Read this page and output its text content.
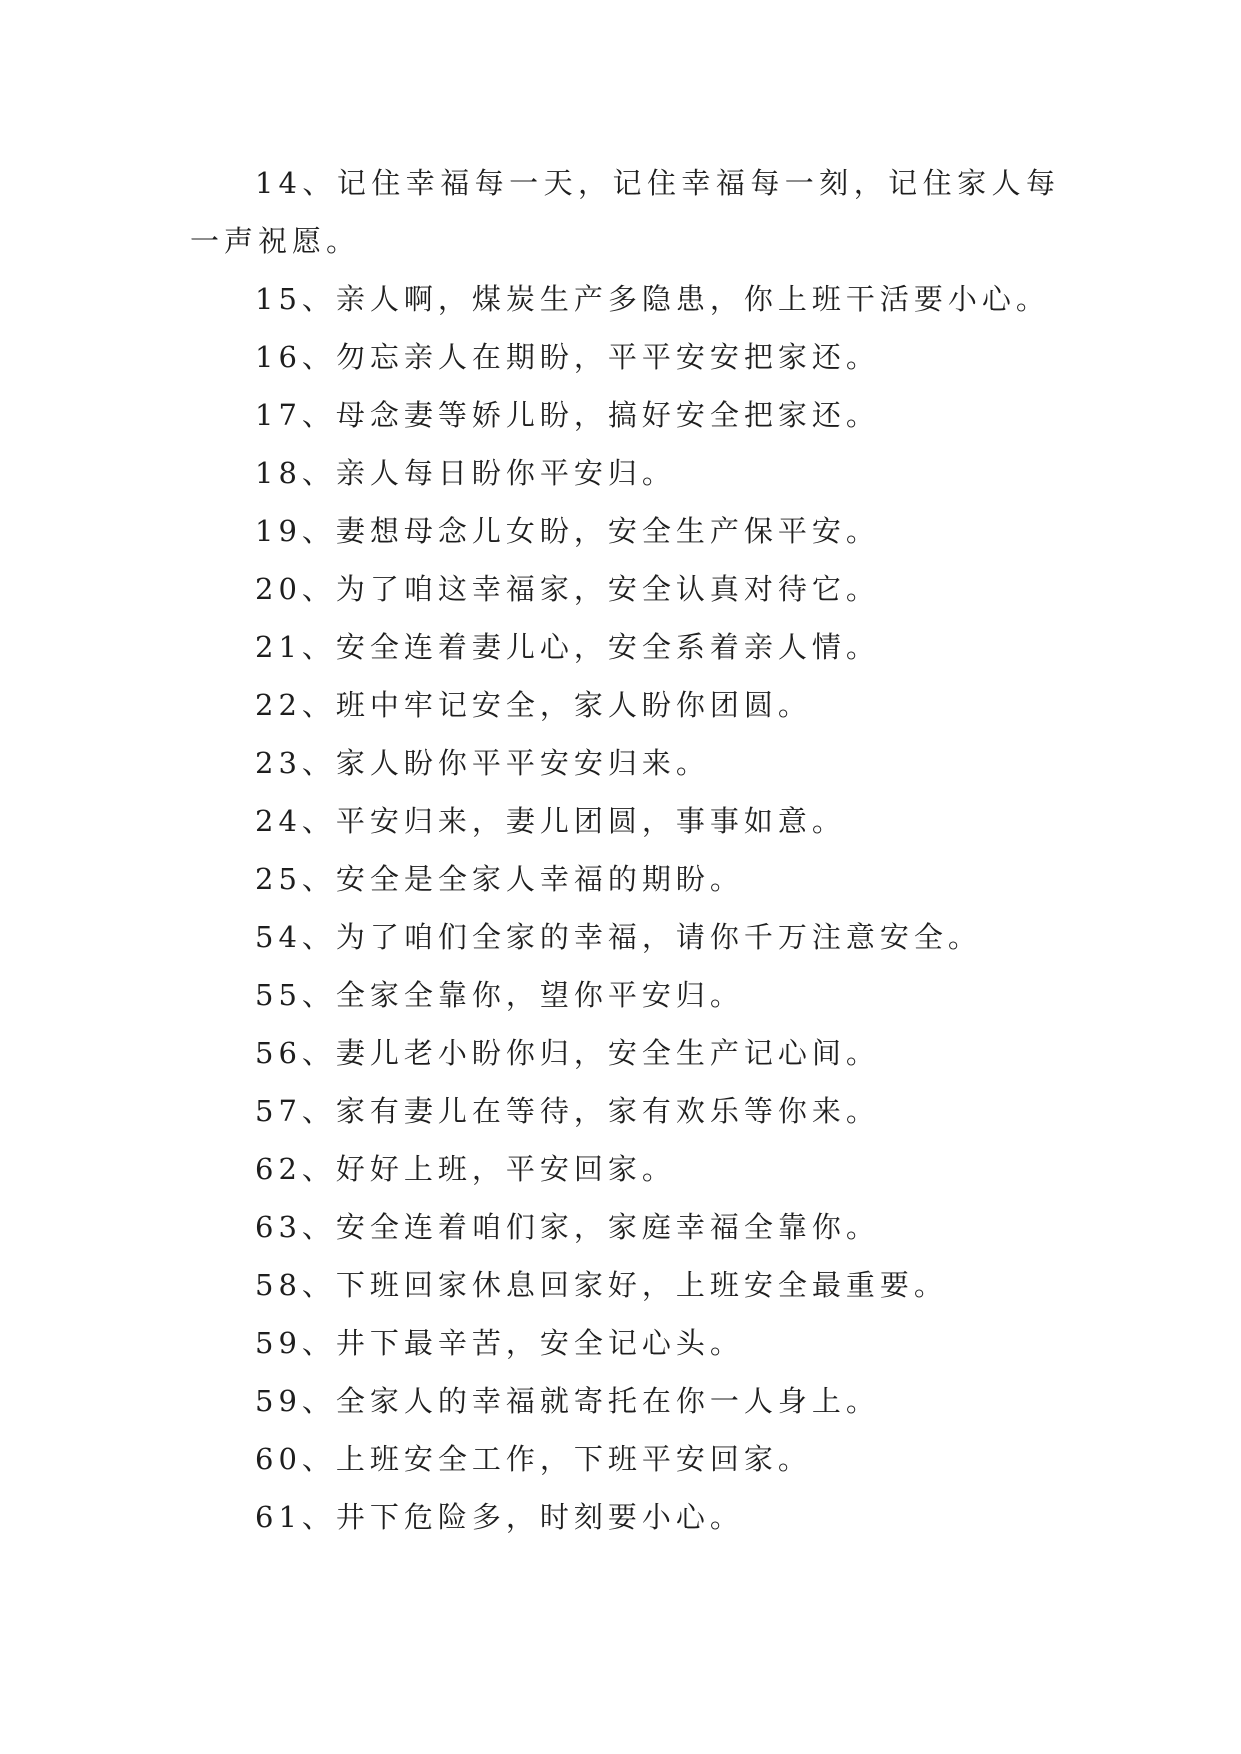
14、记住幸福每一天，记住幸福每一刻，记住家人每一声祝愿。

15、亲人啊，煤炭生产多隐患，你上班干活要小心。

16、勿忘亲人在期盼，平平安安把家还。

17、母念妻等娇儿盼，搞好安全把家还。

18、亲人每日盼你平安归。

19、妻想母念儿女盼，安全生产保平安。

20、为了咱这幸福家，安全认真对待它。

21、安全连着妻儿心，安全系着亲人情。

22、班中牢记安全，家人盼你团圆。

23、家人盼你平平安安归来。

24、平安归来，妻儿团圆，事事如意。

25、安全是全家人幸福的期盼。

54、为了咱们全家的幸福，请你千万注意安全。

55、全家全靠你，望你平安归。

56、妻儿老小盼你归，安全生产记心间。

57、家有妻儿在等待，家有欢乐等你来。

62、好好上班，平安回家。

63、安全连着咱们家，家庭幸福全靠你。

58、下班回家休息回家好，上班安全最重要。

59、井下最辛苦，安全记心头。

59、全家人的幸福就寄托在你一人身上。

60、上班安全工作，下班平安回家。

61、井下危险多，时刻要小心。
